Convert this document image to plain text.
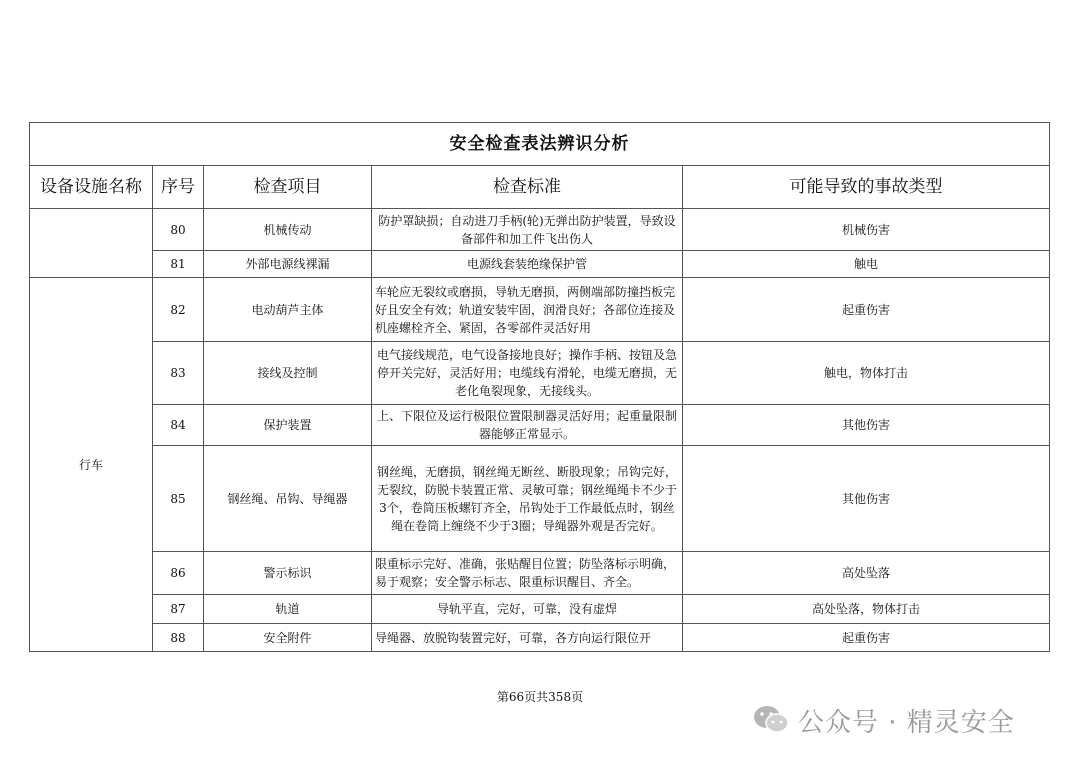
安全检查表法辨识分析				
设备设施名称	序号	检查项目	检查标准	可能导致的事故类型
	80	机械传动	防护罩缺损；自动进刀手柄(轮)无弹出防护装置，导致设备部件和加工件飞出伤人	机械伤害
	81	外部电源线裸漏	电源线套装绝缘保护管	触电
行车	82	电动葫芦主体	车轮应无裂纹或磨损，导轨无磨损，两侧端部防撞挡板完好且安全有效；轨道安装牢固，润滑良好；各部位连接及机座螺栓齐全、紧固，各零部件灵活好用	起重伤害
	83	接线及控制	电气接线规范，电气设备接地良好；操作手柄、按钮及急停开关完好，灵活好用；电缆线有滑轮，电缆无磨损，无老化龟裂现象，无接线头。	触电，物体打击
	84	保护装置	上、下限位及运行极限位置限制器灵活好用；起重量限制器能够正常显示。	其他伤害
	85	钢丝绳、吊钩、导绳器	钢丝绳，无磨损，钢丝绳无断丝、断股现象；吊钩完好，无裂纹，防脱卡装置正常、灵敏可靠；钢丝绳绳卡不少于3个，卷筒压板螺钉齐全，吊钩处于工作最低点时，钢丝绳在卷筒上缠绕不少于3圈；导绳器外观是否完好。	其他伤害
	86	警示标识	限重标示完好、准确，张贴醒目位置；防坠落标示明确，易于观察；安全警示标志、限重标识醒目、齐全。	高处坠落
	87	轨道	导轨平直，完好，可靠，没有虚焊	高处坠落，物体打击
	88	安全附件	导绳器、放脱钩装置完好，可靠，各方向运行限位开	起重伤害
第66页共358页
公众号 · 精灵安全
